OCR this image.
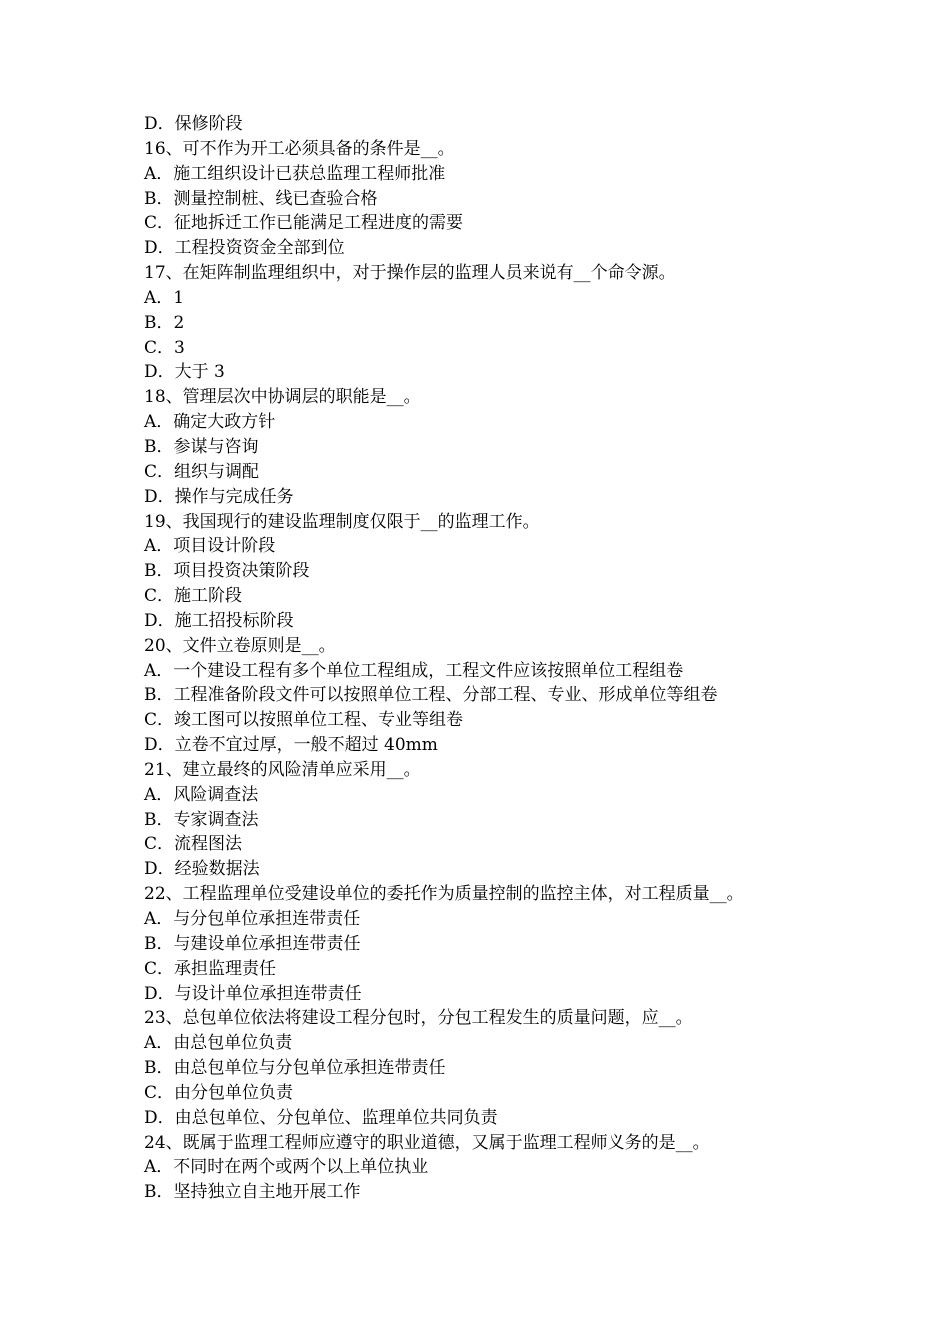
D．保修阶段
16、可不作为开工必须具备的条件是__。
A．施工组织设计已获总监理工程师批准
B．测量控制桩、线已查验合格
C．征地拆迁工作已能满足工程进度的需要
D．工程投资资金全部到位
17、在矩阵制监理组织中，对于操作层的监理人员来说有__个命令源。
A．1
B．2
C．3
D．大于 3
18、管理层次中协调层的职能是__。
A．确定大政方针
B．参谋与咨询
C．组织与调配
D．操作与完成任务
19、我国现行的建设监理制度仅限于__的监理工作。
A．项目设计阶段
B．项目投资决策阶段
C．施工阶段
D．施工招投标阶段
20、文件立卷原则是__。
A．一个建设工程有多个单位工程组成，工程文件应该按照单位工程组卷
B．工程准备阶段文件可以按照单位工程、分部工程、专业、形成单位等组卷
C．竣工图可以按照单位工程、专业等组卷
D．立卷不宜过厚，一般不超过 40mm
21、建立最终的风险清单应采用__。
A．风险调查法
B．专家调查法
C．流程图法
D．经验数据法
22、工程监理单位受建设单位的委托作为质量控制的监控主体，对工程质量__。
A．与分包单位承担连带责任
B．与建设单位承担连带责任
C．承担监理责任
D．与设计单位承担连带责任
23、总包单位依法将建设工程分包时，分包工程发生的质量问题，应__。
A．由总包单位负责
B．由总包单位与分包单位承担连带责任
C．由分包单位负责
D．由总包单位、分包单位、监理单位共同负责
24、既属于监理工程师应遵守的职业道德，又属于监理工程师义务的是__。
A．不同时在两个或两个以上单位执业
B．坚持独立自主地开展工作
